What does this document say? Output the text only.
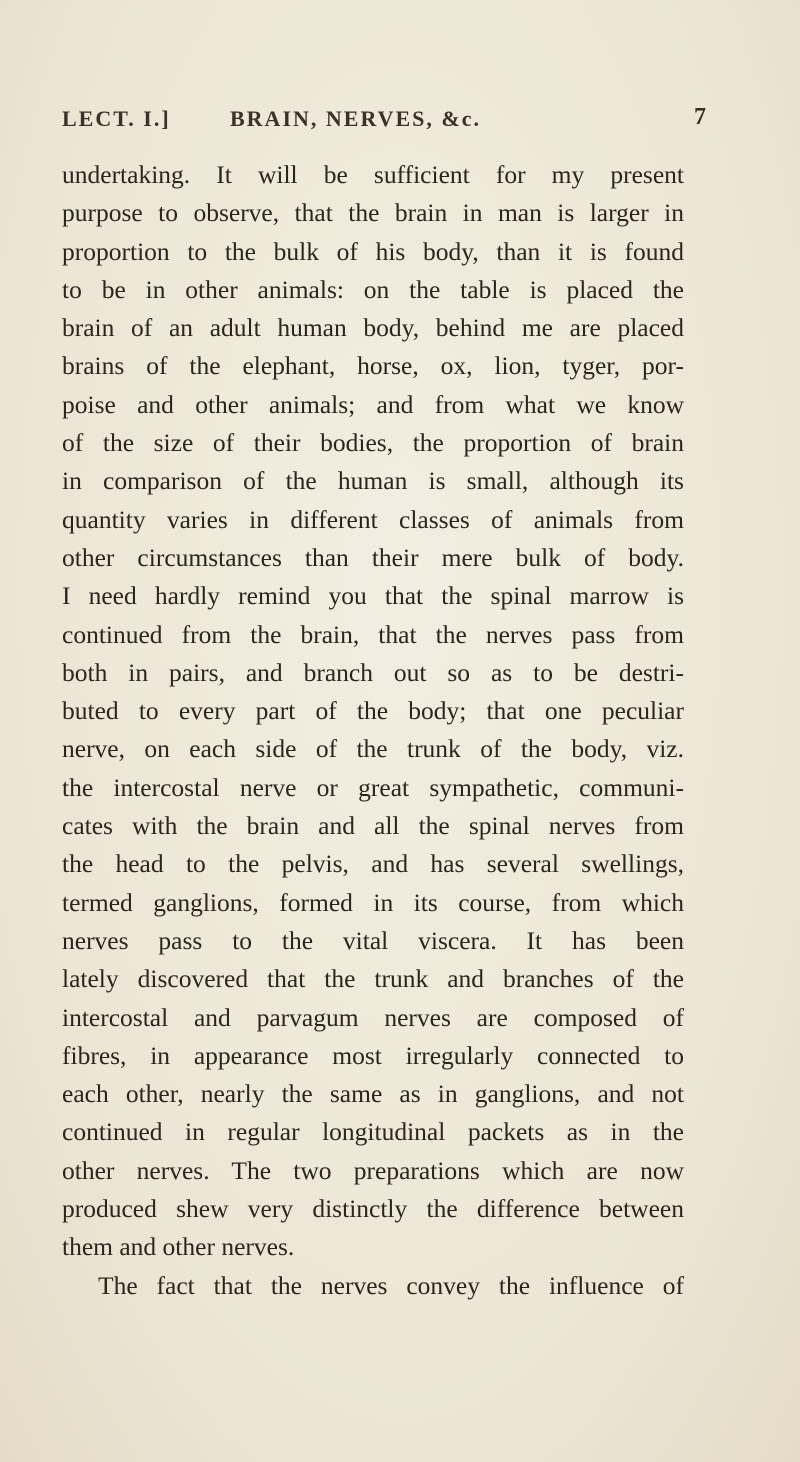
LECT. I.]	BRAIN, NERVES, &c.	7
undertaking. It will be sufficient for my present
purpose to observe, that the brain in man is larger in
proportion to the bulk of his body, than it is found
to be in other animals: on the table is placed the
brain of an adult human body, behind me are placed
brains of the elephant, horse, ox, lion, tyger, por-
poise and other animals; and from what we know
of the size of their bodies, the proportion of brain
in comparison of the human is small, although its
quantity varies in different classes of animals from
other circumstances than their mere bulk of body.
I need hardly remind you that the spinal marrow is
continued from the brain, that the nerves pass from
both in pairs, and branch out so as to be destri-
buted to every part of the body; that one peculiar
nerve, on each side of the trunk of the body, viz.
the intercostal nerve or great sympathetic, communi-
cates with the brain and all the spinal nerves from
the head to the pelvis, and has several swellings,
termed ganglions, formed in its course, from which
nerves pass to the vital viscera. It has been
lately discovered that the trunk and branches of the
intercostal and parvagum nerves are composed of
fibres, in appearance most irregularly connected to
each other, nearly the same as in ganglions, and not
continued in regular longitudinal packets as in the
other nerves. The two preparations which are now
produced shew very distinctly the difference between
them and other nerves.
The fact that the nerves convey the influence of
